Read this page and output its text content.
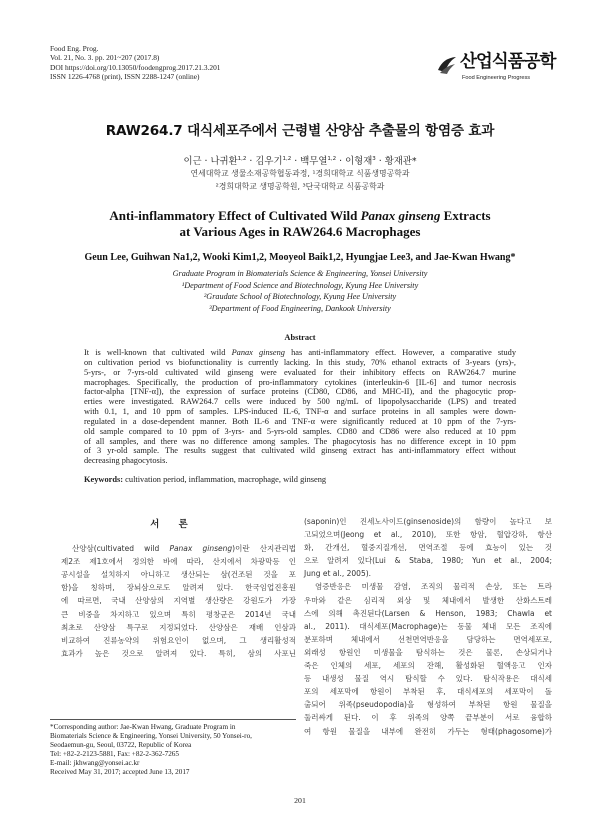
Food Eng. Prog.
Vol. 21, No. 3. pp. 201~207 (2017.8)
DOI https://doi.org/10.13050/foodengprog.2017.21.3.201
ISSN 1226-4768 (print), ISSN 2288-1247 (online)
산업식품공학
Food Engineering Progress
RAW264.7 대식세포주에서 근령별 산양삼 추출물의 항염증 효과
이근 · 나귀환$^{1,2}$ · 김우기$^{1,2}$ · 백무열$^{1,2}$ · 이형재$^3$ · 황재관*
연세대학교 생물소재공학협동과정, ¹경희대학교 식품생명공학과
²경희대학교 생명공학원, ³단국대학교 식품공학과
Anti-inflammatory Effect of Cultivated Wild Panax ginseng Extracts
at Various Ages in RAW264.6 Macrophages
Geun Lee, Guihwan Na1,2, Wooki Kim1,2, Mooyeol Baik1,2, Hyungjae Lee3, and Jae-Kwan Hwang*
Graduate Program in Biomaterials Science & Engineering, Yonsei University
¹Department of Food Science and Biotechnology, Kyung Hee University
²Graudate School of Biotechnology, Kyung Hee University
³Department of Food Engineering, Dankook University
Abstract
It is well-known that cultivated wild Panax ginseng has anti-inflammatory effect. However, a comparative study
on cultivation period vs biofunctionality is currently lacking. In this study, 70% ethanol extracts of 3-years (yrs)-,
5-yrs-, or 7-yrs-old cultivated wild ginseng were evaluated for their inhibitory effects on RAW264.7 murine
macrophages. Specifically, the production of pro-inflammatory cytokines (interleukin-6 [IL-6] and tumor necrosis
factor-alpha [TNF-α]), the expression of surface proteins (CD80, CD86, and MHC-II), and the phagocytic prop-
erties were investigated. RAW264.7 cells were induced by 500 ng/mL of lipopolysaccharide (LPS) and treated
with 0.1, 1, and 10 ppm of samples. LPS-induced IL-6, TNF-α and surface proteins in all samples were down-
regulated in a dose-dependent manner. Both IL-6 and TNF-α were significantly reduced at 10 ppm of the 7-yrs-
old sample compared to 10 ppm of 3-yrs- and 5-yrs-old samples. CD80 and CD86 were also reduced at 10 ppm
of all samples, and there was no difference among samples. The phagocytosis has no difference except in 10 ppm
of 3 yr-old sample. The results suggest that cultivated wild ginseng extract has anti-inflammatory effect without
decreasing phagocytosis.
Keywords: cultivation period, inflammation, macrophage, wild ginseng
서 론
산양삼(cultivated wild Panax ginseng)이란 산지관리법
제2조 제1호에서 정의한 바에 따라, 산지에서 차광막등 인
공시설을 설치하지 아니하고 생산되는 삼(건조된 것을 포
함)을 칭하며, 장뇌삼으로도 알려져 있다. 한국임업진흥원
에 따르면, 국내 산양삼의 지역별 생산량은 강원도가 가장
큰 비중을 차지하고 있으며 특히 평창군은 2014년 국내
최초로 산양삼 특구로 지정되었다. 산양삼은 재배 인삼과
비교하여 진류농약의 위험요인이 없으며, 그 생리활성적
효과가 높은 것으로 알려져 있다. 특히, 삼의 사포닌
(saponin)인 진세노사이드(ginsenoside)의 함량이 높다고 보
고되었으며(Jeong et al., 2010), 또한 항암, 혈압강하, 항산
화, 간개선, 혈중지질개선, 면역조절 등에 효능이 있는 것
으로 알려져 있다(Lui & Staba, 1980; Yun et al., 2004;
Jung et al., 2005).
염증반응은 미생물 감염, 조직의 물리적 손상, 또는 트라
우마와 같은 심리적 외상 및 체내에서 발생한 산화스트레
스에 의해 촉진된다(Larsen & Henson, 1983; Chawla et
al., 2011). 대식세포(Macrophage)는 동물 체내 모든 조직에
분포하며 체내에서 선천면역반응을 담당하는 면역세포로,
외래성 항원인 미생물을 탐식하는 것은 물론, 손상되거나
죽은 인체의 세포, 세포의 잔해, 활성화된 혈액응고 인자
등 내생성 물질 역시 탐식할 수 있다. 탐식작용은 대식세
포의 세포막에 항원이 부착된 후, 대식세포의 세포막이 돌
출되어 위족(pseudopodia)을 형성하여 부착된 항원 물질을
둘러싸게 된다. 이 후 위족의 양쪽 끝부분이 서로 융합하
여 항원 물질을 내부에 완전히 가두는 형태(phagosome)가
*Corresponding author: Jae-Kwan Hwang, Graduate Program in
Biomaterials Science & Engineering, Yonsei University, 50 Yonsei-ro,
Seodaemun-gu, Seoul, 03722, Republic of Korea
Tel: +82-2-2123-5881, Fax: +82-2-362-7265
E-mail: jkhwang@yonsei.ac.kr
Received May 31, 2017; accepted June 13, 2017
201
